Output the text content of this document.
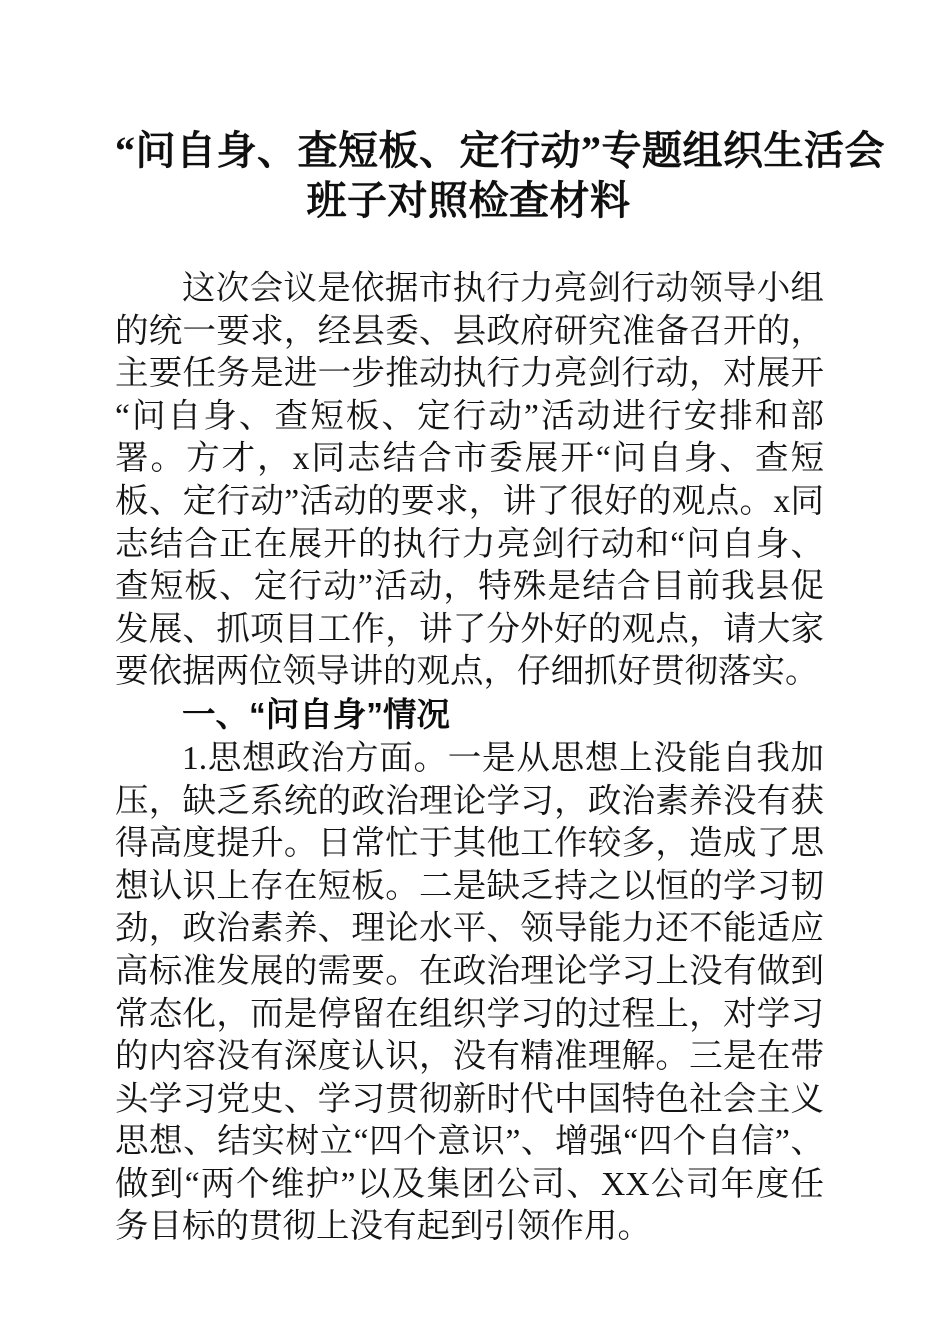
“问自身、查短板、定行动”专题组织生活会
班子对照检查材料

这次会议是依据市执行力亮剑行动领导小组的统一要求，经县委、县政府研究准备召开的，主要任务是进一步推动执行力亮剑行动，对展开“问自身、查短板、定行动”活动进行安排和部署。方才，x同志结合市委展开“问自身、查短板、定行动”活动的要求，讲了很好的观点。x同志结合正在展开的执行力亮剑行动和“问自身、查短板、定行动”活动，特殊是结合目前我县促发展、抓项目工作，讲了分外好的观点，请大家要依据两位领导讲的观点，仔细抓好贯彻落实。

一、“问自身”情况

1.思想政治方面。一是从思想上没能自我加压，缺乏系统的政治理论学习，政治素养没有获得高度提升。日常忙于其他工作较多，造成了思想认识上存在短板。二是缺乏持之以恒的学习韧劲，政治素养、理论水平、领导能力还不能适应高标准发展的需要。在政治理论学习上没有做到常态化，而是停留在组织学习的过程上，对学习的内容没有深度认识，没有精准理解。三是在带头学习党史、学习贯彻新时代中国特色社会主义思想、结实树立“四个意识”、增强“四个自信”、做到“两个维护”以及集团公司、XX公司年度任务目标的贯彻上没有起到引领作用。
